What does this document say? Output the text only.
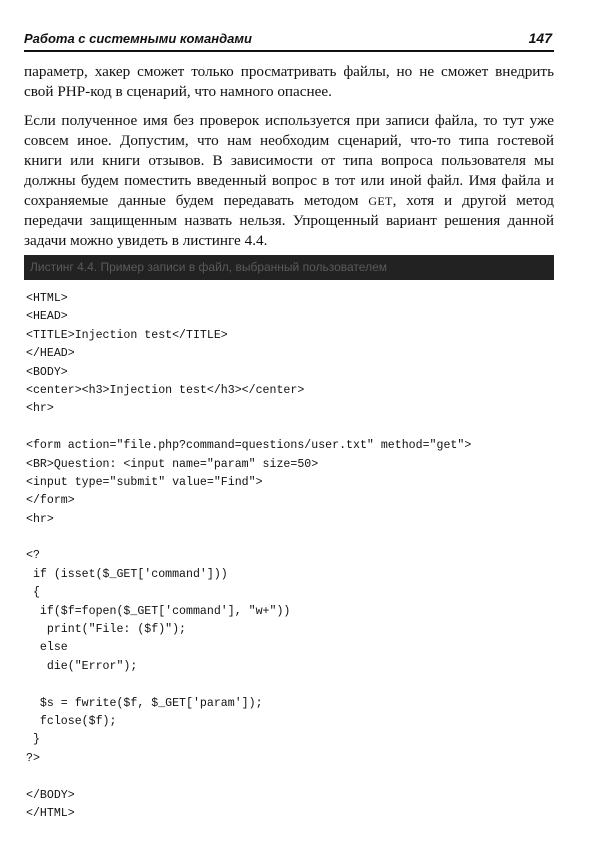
Работа с системными командами	147

параметр, хакер сможет только просматривать файлы, но не сможет внедрить свой PHP-код в сценарий, что намного опаснее.

Если полученное имя без проверок используется при записи файла, то тут уже совсем иное. Допустим, что нам необходим сценарий, что-то типа гостевой книги или книги отзывов. В зависимости от типа вопроса пользователя мы должны будем поместить введенный вопрос в тот или иной файл. Имя файла и сохраняемые данные будем передавать методом GET, хотя и другой метод передачи защищенным назвать нельзя. Упрощенный вариант решения данной задачи можно увидеть в листинге 4.4.

Листинг 4.4. Пример записи в файл, выбранный пользователем
<HTML>
<HEAD>
<TITLE>Injection test</TITLE>
</HEAD>
<BODY>
<center><h3>Injection test</h3></center>
<hr>
<form action="file.php?command=questions/user.txt" method="get">
<BR>Question: <input name="param" size=50>
<input type="submit" value="Find">
</form>
<hr>
<?
if (isset($_GET['command']))
{
if($f=fopen($_GET['command'], "w+"))
print("File: ($f)");
else
die("Error");
$s = fwrite($f, $_GET['param']);
fclose($f);
}
?>
</BODY>
</HTML>
